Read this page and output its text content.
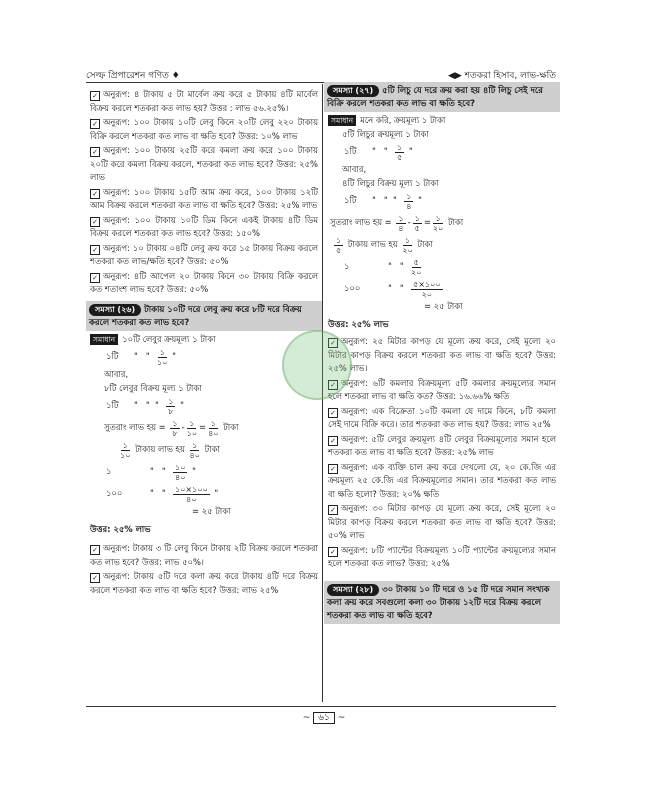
সেল্ফ প্রিপারেশন গণিত ♦	◀▶ শতকরা হিসাব, লাভ-ক্ষতি
✓ অনুরূপ: ৪ টাকায় ৫ টা মার্বেল ক্রয় করে ৫ টাকায় ৪টি মার্বেল বিক্রয় করলে শতকরা কত লাভ হয়? উত্তর : লাভ ৫৬.২৫%।
✓ অনুরূপ: ১০০ টাকায় ১০টি লেবু কিনে ২০টি লেবু ২২০ টাকায় বিক্রি করলে শতকরা কত লাভ বা ক্ষতি হবে? উত্তর: ১০% লাভ
✓ অনুরূপ: ১০০ টাকায় ২৫টি করে কমলা ক্রয় করে ১০০ টাকায় ২০টি করে কমলা বিক্রয় করলে, শতকরা কত লাভ হবে? উত্তর: ২৫% লাভ
✓ অনুরূপ: ১০০ টাকায় ১৫টি আম ক্রয় করে, ১০০ টাকায় ১২টি আম বিক্রয় করলে শতকরা কত লাভ বা ক্ষতি হবে? উত্তর: ২৫% লাভ
✓ অনুরূপ: ১০০ টাকায় ১০টি ডিম কিনে একই টাকায় ৪টি ডিম বিক্রয় করলে শতকরা কত লাভ হবে? উত্তর: ১৫০%
✓ অনুরূপ: ১০ টাকায় ০৪টি লেবু ক্রয় করে ১৫ টাকায় বিক্রয় করলে শতকরা কত লাভ/ক্ষতি হবে? উত্তর: ৫০%
✓ অনুরূপ: ৪টি আপেল ২০ টাকায় কিনে ৩০ টাকায় বিক্রি করলে কত শতাংশ লাভ হবে? উত্তর: ৫০%
সমস্যা (২৬) টাকায় ১০টি দরে লেবু ক্রয় করে ৮টি দরে বিক্রয় করলে শতকরা কত লাভ হবে?
সমাধান ১০টি লেবুর ক্রয়মূল্য ১ টাকা
১টি	"
"
$\frac{১}{১০}$
"
আবার,
৮টি লেবুর বিক্রয় মূল্য ১ টাকা
১টি	"
"
"
$\frac{১}{৮}$
"
সুতরাং লাভ হয় =
$\frac{১}{৮} - \frac{১}{১০} = \frac{১}{৪০}$
টাকা
$\frac{১}{১০}$
টাকায় লাভ হয়
$\frac{১}{৪০}$
টাকা
১
	"
"
$\frac{১০}{৪০}$
"
১০০
	"
"
$\frac{১০\times ১০০}{৪০}$
"
= ২৫ টাকা
উত্তর: ২৫% লাভ
✓ অনুরূপ: টাকায় ৩ টি লেবু কিনে টাকায় ২টি বিক্রয় করলে শতকরা কত লাভ হবে? উত্তর: লাভ ৫০%।
✓ অনুরূপ: টাকায় ৫টি দরে কলা ক্রয় করে টাকায় ৪টি দরে বিক্রয় করলে শতকরা কত লাভ বা ক্ষতি হবে? উত্তর: লাভ ২৫%
সমস্যা (২৭) ৫টি লিচু যে দরে ক্রয় করা হয় ৪টি লিচু সেই দরে বিক্রি করলে শতকরা কত লাভ বা ক্ষতি হবে?
সমাধান মনে করি, ক্রয়মূল্য ১ টাকা
৫টি লিচুর ক্রয়মূল্য ১ টাকা
১টি	"
"
$\frac{১}{৫}$
"
আবার,
৪টি লিচুর বিক্রয় মূল্য ১ টাকা
১টি	"
"
"
$\frac{১}{৪}$
"
সুতরাং লাভ হয় =
$\frac{১}{৪} - \frac{১}{৫} = \frac{১}{২০}$
টাকা
$\frac{১}{৫}$
টাকায় লাভ হয়
$\frac{১}{২০}$
টাকা
১
	"
"
$\frac{৫}{২০}$
১০০
	"
"
$\frac{৫\times ১০০}{২০}$
= ২৫ টাকা
উত্তর: ২৫% লাভ
✓ অনুরূপ: ২৫ মিটার কাপড় যে মূল্যে ক্রয় করে, সেই মূল্যে ২০ মিটার কাপড় বিক্রয় করলে শতকরা কত লাভ বা ক্ষতি হবে? উত্তর: ২৫% লাভ।
✓ অনুরূপ: ৬টি কমলার বিক্রয়মূল্য ৫টি কমলার ক্রয়মূল্যের সমান হলে শতকরা লাভ বা ক্ষতি কত? উত্তর: ১৬.৬৬% ক্ষতি
✓ অনুরূপ: এক বিক্রেতা ১০টি কমলা যে দামে কিনে, ৮টি কমলা সেই দামে বিক্রি করে। তার শতকরা কত লাভ হয়? উত্তর: লাভ ২৫%
✓ অনুরূপ: ৫টি লেবুর ক্রয়মূল্য ৪টি লেবুর বিক্রয়মূল্যের সমান হলে শতকরা কত লাভ বা ক্ষতি হবে? উত্তর: ২৫% লাভ
✓ অনুরূপ: এক ব্যক্তি চাল ক্রয় করে দেখলো যে, ২০ কে.জি এর ক্রয়মূল্য ২৫ কে.জি এর বিক্রয়মূল্যের সমান। তার শতকরা কত লাভ বা ক্ষতি হলো? উত্তর: ২০% ক্ষতি
✓ অনুরূপ: ৩০ মিটার কাপড় যে মূল্যে ক্রয় করে, সেই মূল্যে ২০ মিটার কাপড় বিক্রয় করলে শতকরা কত লাভ বা ক্ষতি হবে? উত্তর: ৫০% লাভ
✓ অনুরূপ: ৮টি প্যান্টের বিক্রয়মূল্য ১০টি প্যান্টের ক্রয়মূল্যের সমান হলে শতকরা কত লাভ? উত্তর: ২৫%
সমস্যা (২৮) ৩০ টাকায় ১০ টি দরে ও ১৫ টি দরে সমান সংখ্যক কলা ক্রয় করে সবগুলো কলা ৩০ টাকায় ১২টি দরে বিক্রয় করলে শতকরা কত লাভ বা ক্ষতি হবে?
~ ৬১ ~
